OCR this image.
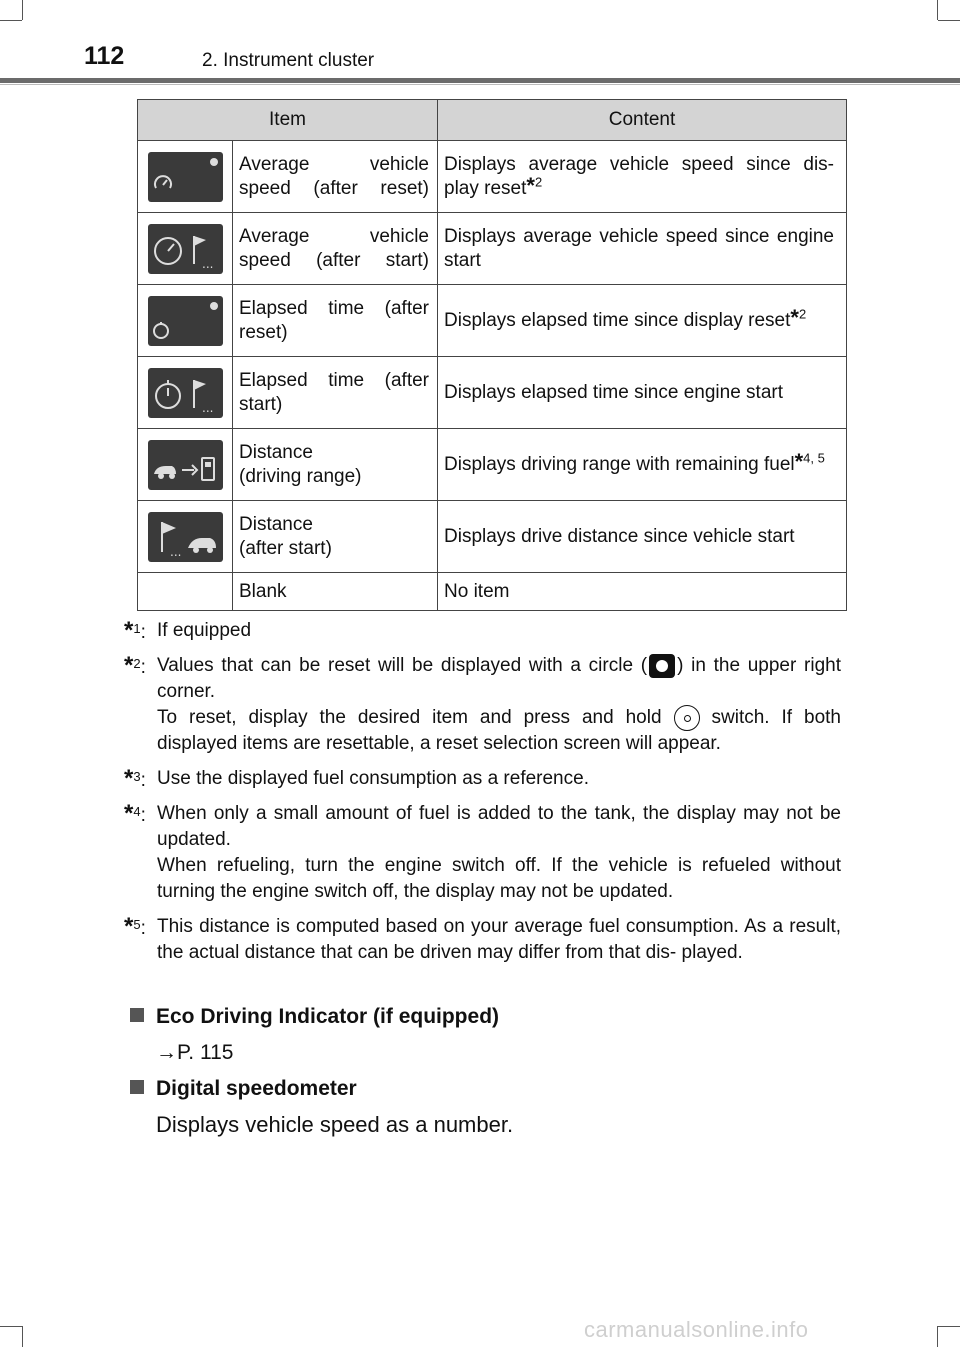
112	2. Instrument cluster
Item		Content

Average vehicle speed (after reset)	Displays average vehicle speed since dis- play reset*$^2$

...	Average vehicle speed (after start)	Displays average vehicle speed since engine start

Elapsed time (after reset)	Displays elapsed time since display reset*$^2$

...	Elapsed time (after start)	Displays elapsed time since engine start

Distance (driving range)	Displays driving range with remaining fuel*$^{4, 5}$

...	Distance (after start)	Displays drive distance since vehicle start
	Blank	No item
*$^1$: If equipped
*$^2$: Values that can be reset will be displayed with a circle ( ) in the upper right corner.
To reset, display the desired item and press and hold	switch. If both displayed items are resettable, a reset selection screen will appear.
*$^3$: Use the displayed fuel consumption as a reference.
*$^4$: When only a small amount of fuel is added to the tank, the display may not be updated.
When refueling, turn the engine switch off. If the vehicle is refueled without turning the engine switch off, the display may not be updated.
*$^5$: This distance is computed based on your average fuel consumption. As a result, the actual distance that can be driven may differ from that dis- played.
Eco Driving Indicator (if equipped)
→P. 115
Digital speedometer
Displays vehicle speed as a number.
carmanualsonline.info
